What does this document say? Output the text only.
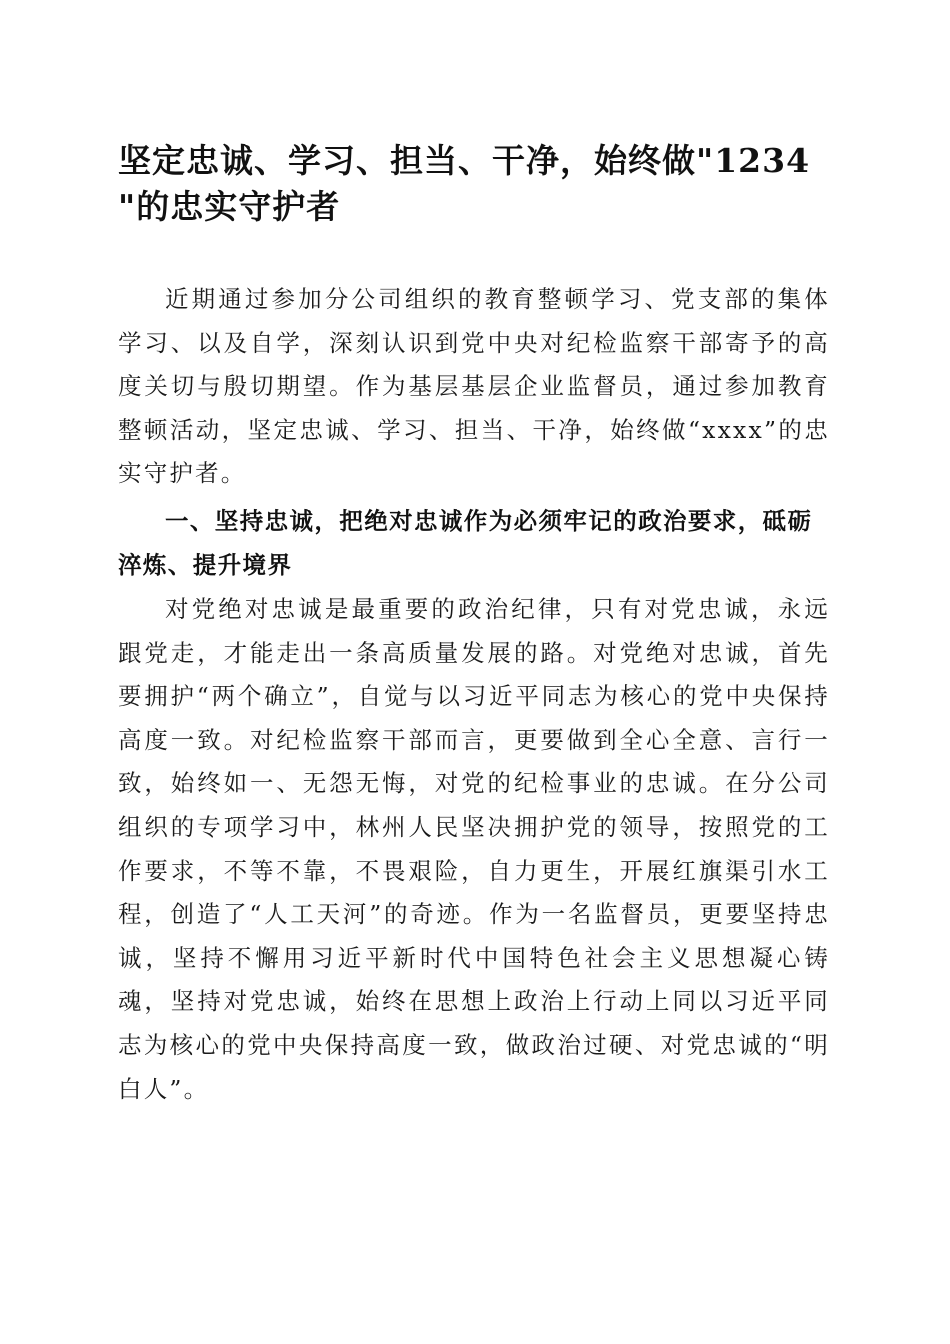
坚定忠诚、学习、担当、干净，始终做"1234 "的忠实守护者

近期通过参加分公司组织的教育整顿学习、党支部的集体学习、以及自学，深刻认识到党中央对纪检监察干部寄予的高度关切与殷切期望。作为基层基层企业监督员，通过参加教育整顿活动，坚定忠诚、学习、担当、干净，始终做“xxxx”的忠实守护者。

一、坚持忠诚，把绝对忠诚作为必须牢记的政治要求，砥砺淬炼、提升境界

对党绝对忠诚是最重要的政治纪律，只有对党忠诚，永远跟党走，才能走出一条高质量发展的路。对党绝对忠诚，首先要拥护“两个确立”，自觉与以习近平同志为核心的党中央保持高度一致。对纪检监察干部而言，更要做到全心全意、言行一致，始终如一、无怨无悔，对党的纪检事业的忠诚。在分公司组织的专项学习中，林州人民坚决拥护党的领导，按照党的工作要求，不等不靠，不畏艰险，自力更生，开展红旗渠引水工程，创造了“人工天河”的奇迹。作为一名监督员，更要坚持忠诚，坚持不懈用习近平新时代中国特色社会主义思想凝心铸魂，坚持对党忠诚，始终在思想上政治上行动上同以习近平同志为核心的党中央保持高度一致，做政治过硬、对党忠诚的“明白人”。
